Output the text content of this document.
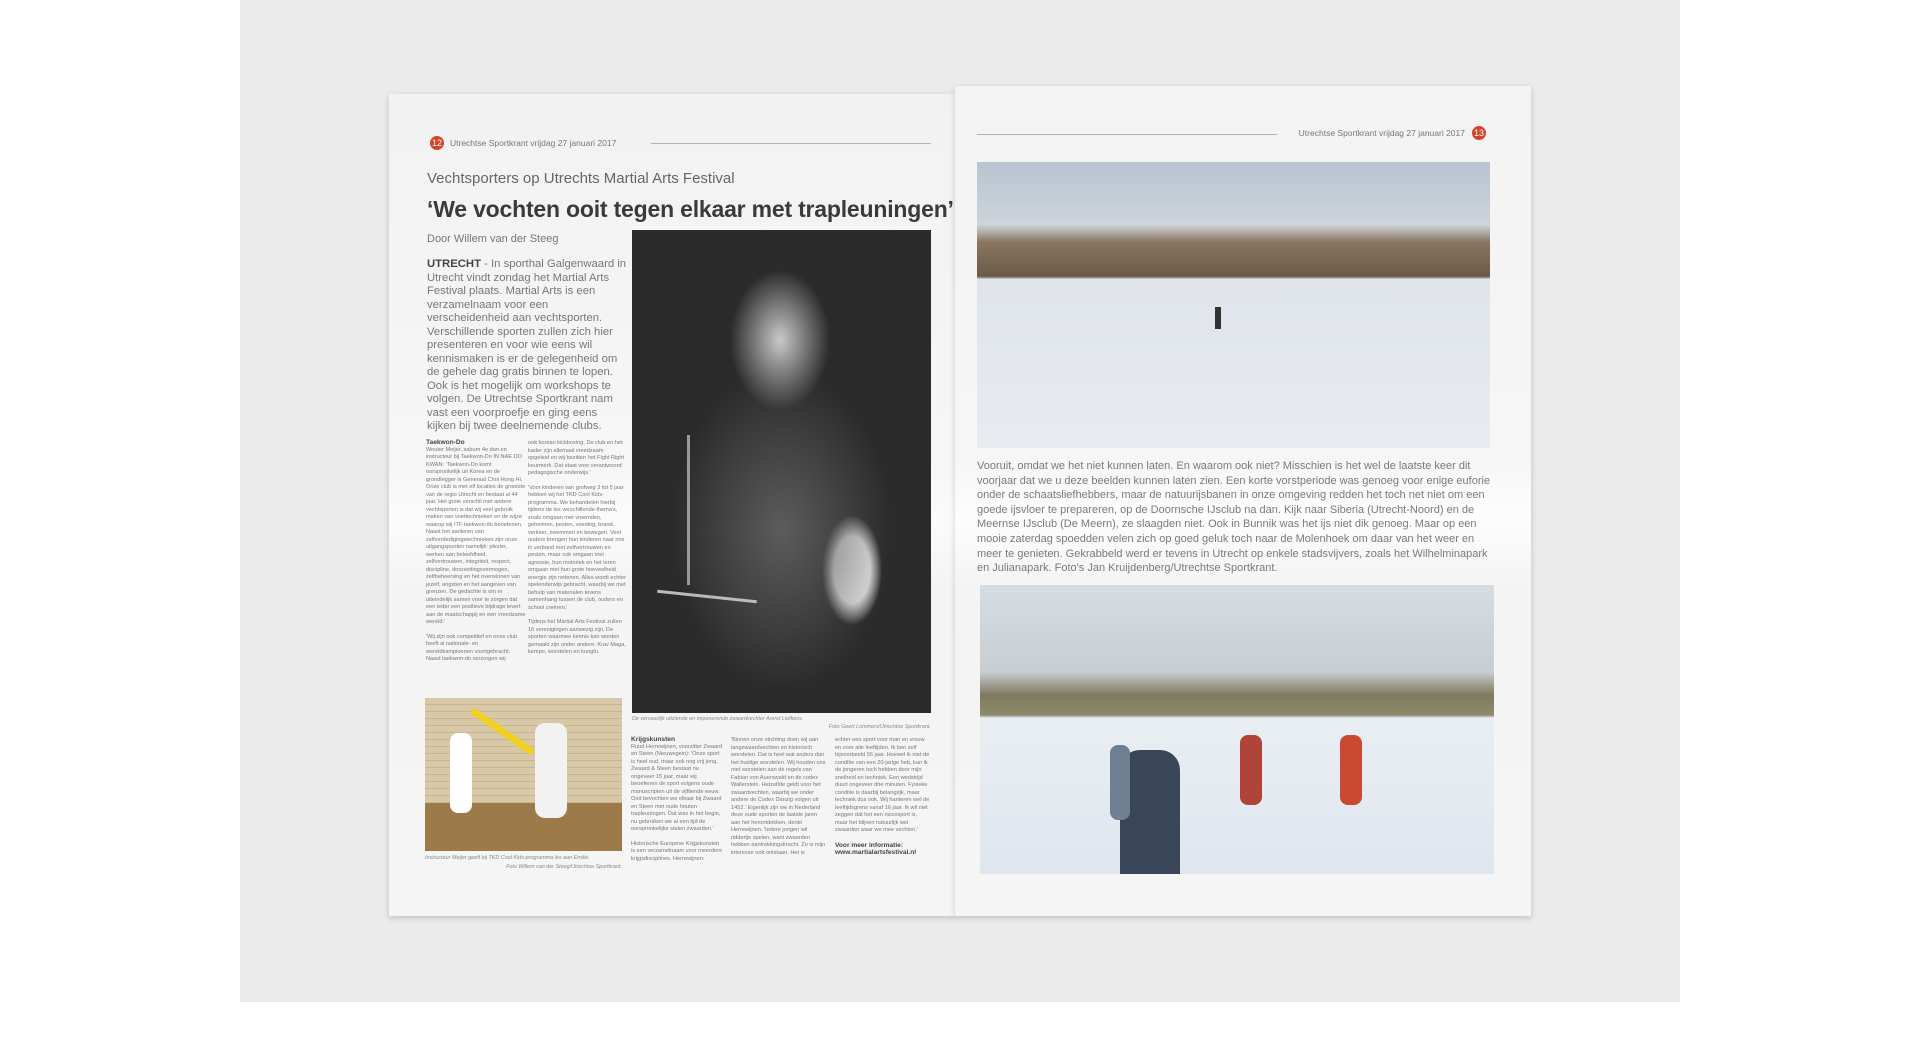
12 Utrechtse Sportkrant vrijdag 27 januari 2017
Vechtsporters op Utrechts Martial Arts Festival
‘We vochten ooit tegen elkaar met trapleuningen’
Door Willem van der Steeg
UTRECHT - In sporthal Galgenwaard in Utrecht vindt zondag het Martial Arts Festival plaats. Martial Arts is een verzamelnaam voor een verscheidenheid aan vechtsporten. Verschillende sporten zullen zich hier presenteren en voor wie eens wil kennismaken is er de gelegenheid om de gehele dag gratis binnen te lopen. Ook is het mogelijk om workshops te volgen. De Utrechtse Sportkrant nam vast een voorproefje en ging eens kijken bij twee deelnemende clubs.
De vervaarlijk uitziende en imponerende zwaardvechter Arend Liefkens.
Foto Geert Lommers/Utrechtse Sportkrant.
Taekwon-Do

Wouter Meijer, sabum 4e dan en instructeur bij Taekwon-Do IN NAE DO KWAN: 'Taekwon-Do komt oorspronkelijk uit Korea en de grondlegger is Generaal Choi Hong Hi. Onze club is met elf locaties de grootste van de regio Utrecht en bestaat al 44 jaar. Het grote verschil met andere vechtsporten is dat wij veel gebruik maken van voettechnieken en de wijze waarop wij ITF taekwon-do beoefenen. Naast het aanleren van zelfverdedigingstechnieken zijn onze uitgangspunten namelijk: plezier, werken aan beleefdheid, zelfvertrouwen, integriteit, respect, discipline, doorzettingsvermogen, zelfbeheersing en het overwinnen van jezelf, angsten en het aangeven van grenzen. De gedachte is om er uiteindelijk samen voor te zorgen dat een ieder een positieve bijdrage levert aan de maatschappij en een vreedzame wereld.'

'Wij zijn ook competitief en onze club heeft al nationale- en wereldkampioenen voortgebracht. Naast taekwon-do verzorgen wij

ook korean kickboxing. De club en het kader zijn allemaal vreedzaam opgeleid en wij bezitten het Fight Right keurmerk. Dat staat voor verantwoord pedagogische onderwijs.'

'Voor kinderen van grofweg 3 tot 5 jaar hebben wij het TKD Cool Kids-programma. We behandelen hierbij tijdens de les verschillende thema's, zoals omgaan met vreemden, geheimen, pesten, voeding, brand, verkeer, zwemmen en bewegen. Veel ouders brengen hun kinderen naar ons in verband met zelfvertrouwen en pesten, maar ook omgaan met agressie, hun motoriek en het leren omgaan met hun grote hoeveelheid energie zijn redenen. Alles wordt echter spelenderwijs gebracht, waarbij we met behulp van materialen tevens samenhang tussen de club, ouders en school creëren.'

Tijdens het Martial Arts Festival zullen 16 verenigingen aanwezig zijn. De sporten waarmee kennis kan worden gemaakt zijn onder andere: Krav Maga, kempo, worstelen en kungfu.

Instructeur Meijer geeft bij TKD Cool Kids-programma les aan Emilie.
Foto Willem van der Steeg/Utrechtse Sportkrant.
Krijgskunsten

Ruud Herrewijnen, voorzitter Zwaard en Steen (Nieuwegein): 'Onze sport is heel oud, maar ook nog vrij jong. Zwaard & Steen bestaat nu ongeveer 15 jaar, maar wij beoefenen de sport volgens oude manuscripten uit de vijftiende eeuw. Ooit bevochten we elkaar bij Zwaard en Steen met oude houten trapleuningen. Dat was in het begin, nu gebruiken we al een tijd de oorspronkelijke stalen zwaarden.'

Historische Europese Krijgskunsten is een verzamelnaam voor meerdere krijgsdisciplines. Herrewijnen:

'Binnen onze stichting doen wij aan langzwaardvechten en historisch worstelen. Dat is heel wat anders dan het huidige worstelen. Wij houden ons met worstelen aan de regels van Fabian von Auerswald en de codex Wallerstein. Hetzelfde geldt voor het zwaardvechten, waarbij we onder andere de Codex Danzig volgen uit 1452.' Eigenlijk zijn we in Nederland deze oude sporten de laatste jaren aan het herontdekken, denkt Herrewijnen. 'Iedere jongen wil riddertje spelen, want zwaarden hebben aantrekkingskracht. Zo is mijn interesse ook ontstaan. Het is

echter een sport voor man en vrouw en voor alle leeftijden. Ik ben zelf bijvoorbeeld 56 jaar. Hoewel ik niet de conditie van een 20-jarige heb, kan ik de jongeren toch hebben door mijn snelheid en techniek. Een wedstrijd duurt ongeveer drie minuten. Fysieke conditie is daarbij belangrijk, maar techniek dus ook. Wij hanteren wel de leeftijdsgrens vanaf 16 jaar. Ik wil niet zeggen dat het een risicosport is, maar het blijven natuurlijk wel zwaarden waar we mee vechten.'

Voor meer informatie:
www.martialartsfestival.nl
Utrechtse Sportkrant vrijdag 27 januari 2017 13
Vooruit, omdat we het niet kunnen laten. En waarom ook niet? Misschien is het wel de laatste keer dit voorjaar dat we u deze beelden kunnen laten zien. Een korte vorstperiode was genoeg voor enige euforie onder de schaatsliefhebbers, maar de natuurijsbanen in onze omgeving redden het toch net niet om een goede ijsvloer te prepareren, op de Doornsche IJsclub na dan. Kijk naar Siberia (Utrecht-Noord) en de Meernse IJsclub (De Meern), ze slaagden niet. Ook in Bunnik was het ijs niet dik genoeg. Maar op een mooie zaterdag spoedden velen zich op goed geluk toch naar de Molenhoek om daar van het weer en meer te genieten. Gekrabbeld werd er tevens in Utrecht op enkele stadsvijvers, zoals het Wilhelminapark en Julianapark. Foto's Jan Kruijdenberg/Utrechtse Sportkrant.
